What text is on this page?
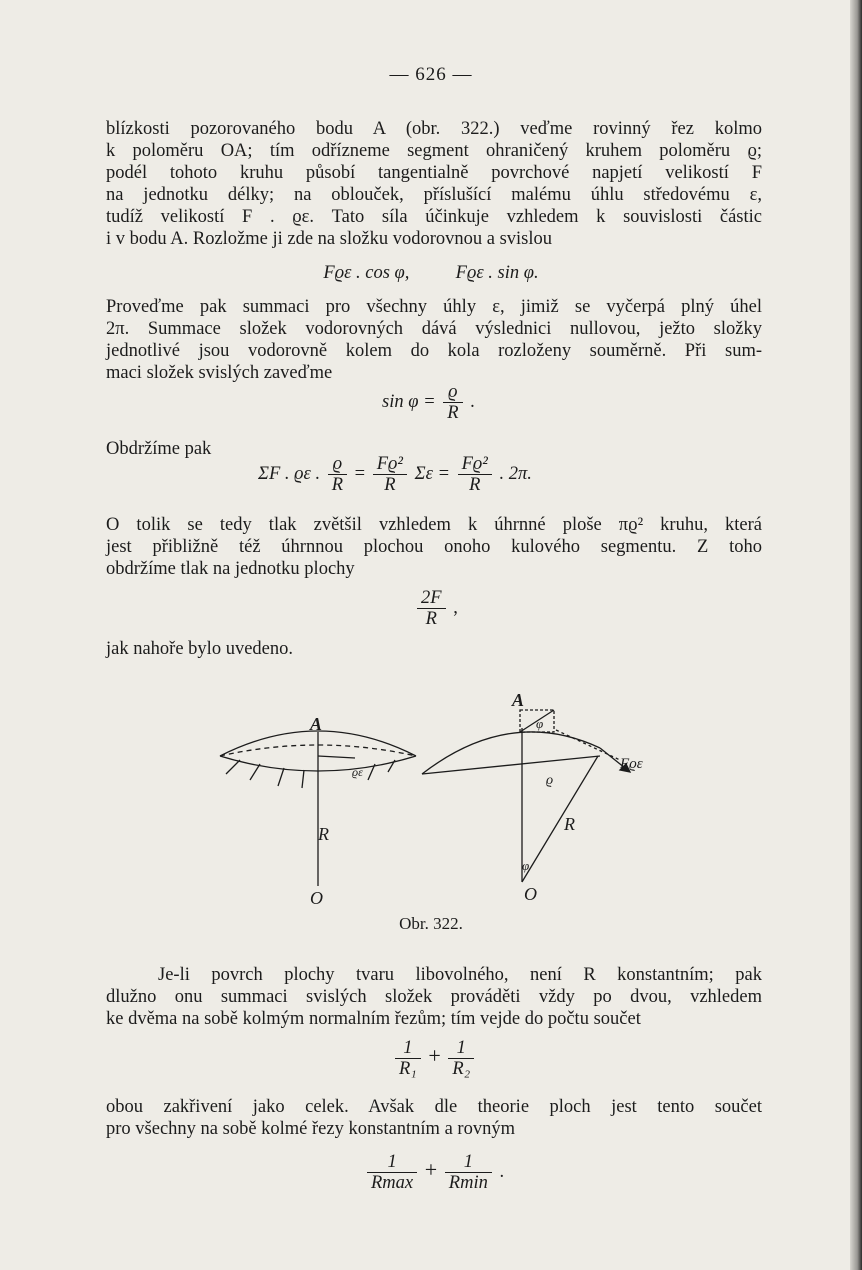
— 626 —
blízkosti pozorovaného bodu A (obr. 322.) veďme rovinný řez kolmo
k poloměru OA; tím odřízneme segment ohraničený kruhem poloměru ϱ;
podél tohoto kruhu působí tangentialně povrchové napjetí velikostí F
na jednotku délky; na oblouček, příslušící malému úhlu středovému ε,
tudíž velikostí F . ϱε. Tato síla účinkuje vzhledem k souvislosti částic
i v bodu A. Rozložme ji zde na složku vodorovnou a svislou
Fϱε . cos φ,          Fϱε . sin φ.
Proveďme pak summaci pro všechny úhly ε, jimiž se vyčerpá plný úhel
2π. Summace složek vodorovných dává výslednici nullovou, ježto složky
jednotlivé jsou vodorovně kolem do kola rozloženy souměrně. Při sum-
maci složek svislých zaveďme
$\sin \varphi = \frac{ϱ}{R}$ .
Obdržíme pak
ΣF . ϱε . $\frac{ϱ}{R} = \frac{\text{Fϱ²}}{R}$ $\Sigma\varepsilon = \frac{\text{Fϱ²}}{R}$ . 2π.
O tolik se tedy tlak zvětšil vzhledem k úhrnné ploše πϱ² kruhu, která
jest přibližně též úhrnnou plochou onoho kulového segmentu. Z toho
obdržíme tlak na jednotku plochy
$\frac{2F}{R}$ ,
jak nahoře bylo uvedeno.
A
R
O
ϱε
A
φ
ϱ
R
φ
O
Fϱε
Obr. 322.
Je-li povrch plochy tvaru libovolného, není R konstantním; pak
dlužno onu summaci svislých složek prováděti vždy po dvou, vzhledem
ke dvěma na sobě kolmým normalním řezům; tím vejde do počtu součet
$\frac{1}{\text{R₁}} + \frac{1}{\text{R₂}}$
obou zakřivení jako celek. Avšak dle theorie ploch jest tento součet
pro všechny na sobě kolmé řezy konstantním a rovným
$\frac{1}{Rmax} + \frac{1}{Rmin}$ .
